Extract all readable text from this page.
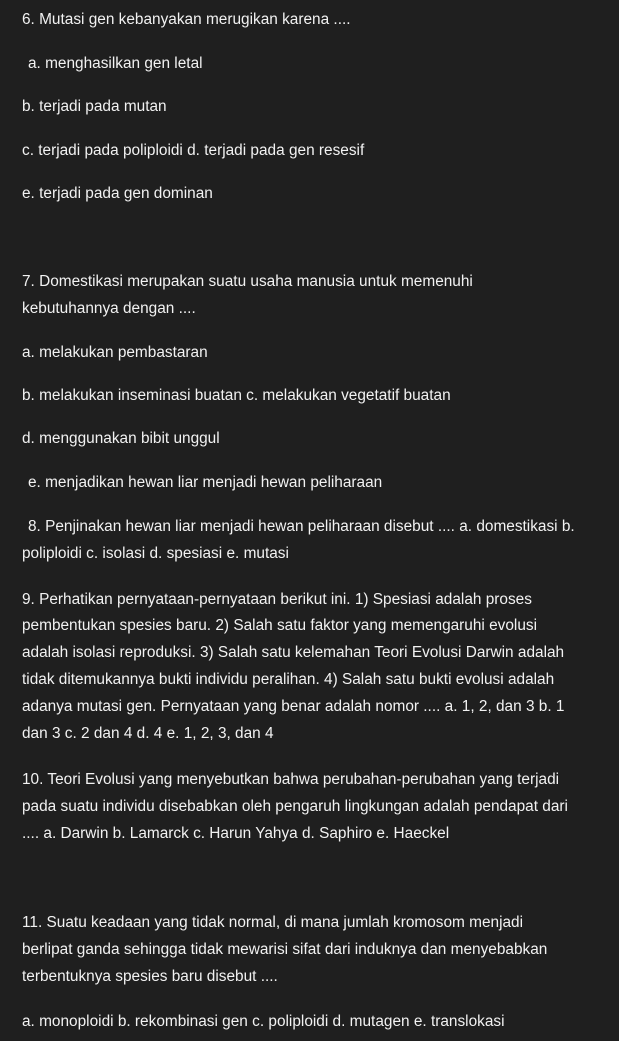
6. Mutasi gen kebanyakan merugikan karena ....
a. menghasilkan gen letal
b. terjadi pada mutan
c. terjadi pada poliploidi d. terjadi pada gen resesif
e. terjadi pada gen dominan
7. Domestikasi merupakan suatu usaha manusia untuk memenuhi
kebutuhannya dengan ....
a. melakukan pembastaran
b. melakukan inseminasi buatan c. melakukan vegetatif buatan
d. menggunakan bibit unggul
e. menjadikan hewan liar menjadi hewan peliharaan
8. Penjinakan hewan liar menjadi hewan peliharaan disebut .... a. domestikasi b.
poliploidi c. isolasi d. spesiasi e. mutasi
9. Perhatikan pernyataan-pernyataan berikut ini. 1) Spesiasi adalah proses
pembentukan spesies baru. 2) Salah satu faktor yang memengaruhi evolusi
adalah isolasi reproduksi. 3) Salah satu kelemahan Teori Evolusi Darwin adalah
tidak ditemukannya bukti individu peralihan. 4) Salah satu bukti evolusi adalah
adanya mutasi gen. Pernyataan yang benar adalah nomor .... a. 1, 2, dan 3 b. 1
dan 3 c. 2 dan 4 d. 4 e. 1, 2, 3, dan 4
10. Teori Evolusi yang menyebutkan bahwa perubahan-perubahan yang terjadi
pada suatu individu disebabkan oleh pengaruh lingkungan adalah pendapat dari
.... a. Darwin b. Lamarck c. Harun Yahya d. Saphiro e. Haeckel
11. Suatu keadaan yang tidak normal, di mana jumlah kromosom menjadi
berlipat ganda sehingga tidak mewarisi sifat dari induknya dan menyebabkan
terbentuknya spesies baru disebut ....
a. monoploidi b. rekombinasi gen c. poliploidi d. mutagen e. translokasi
